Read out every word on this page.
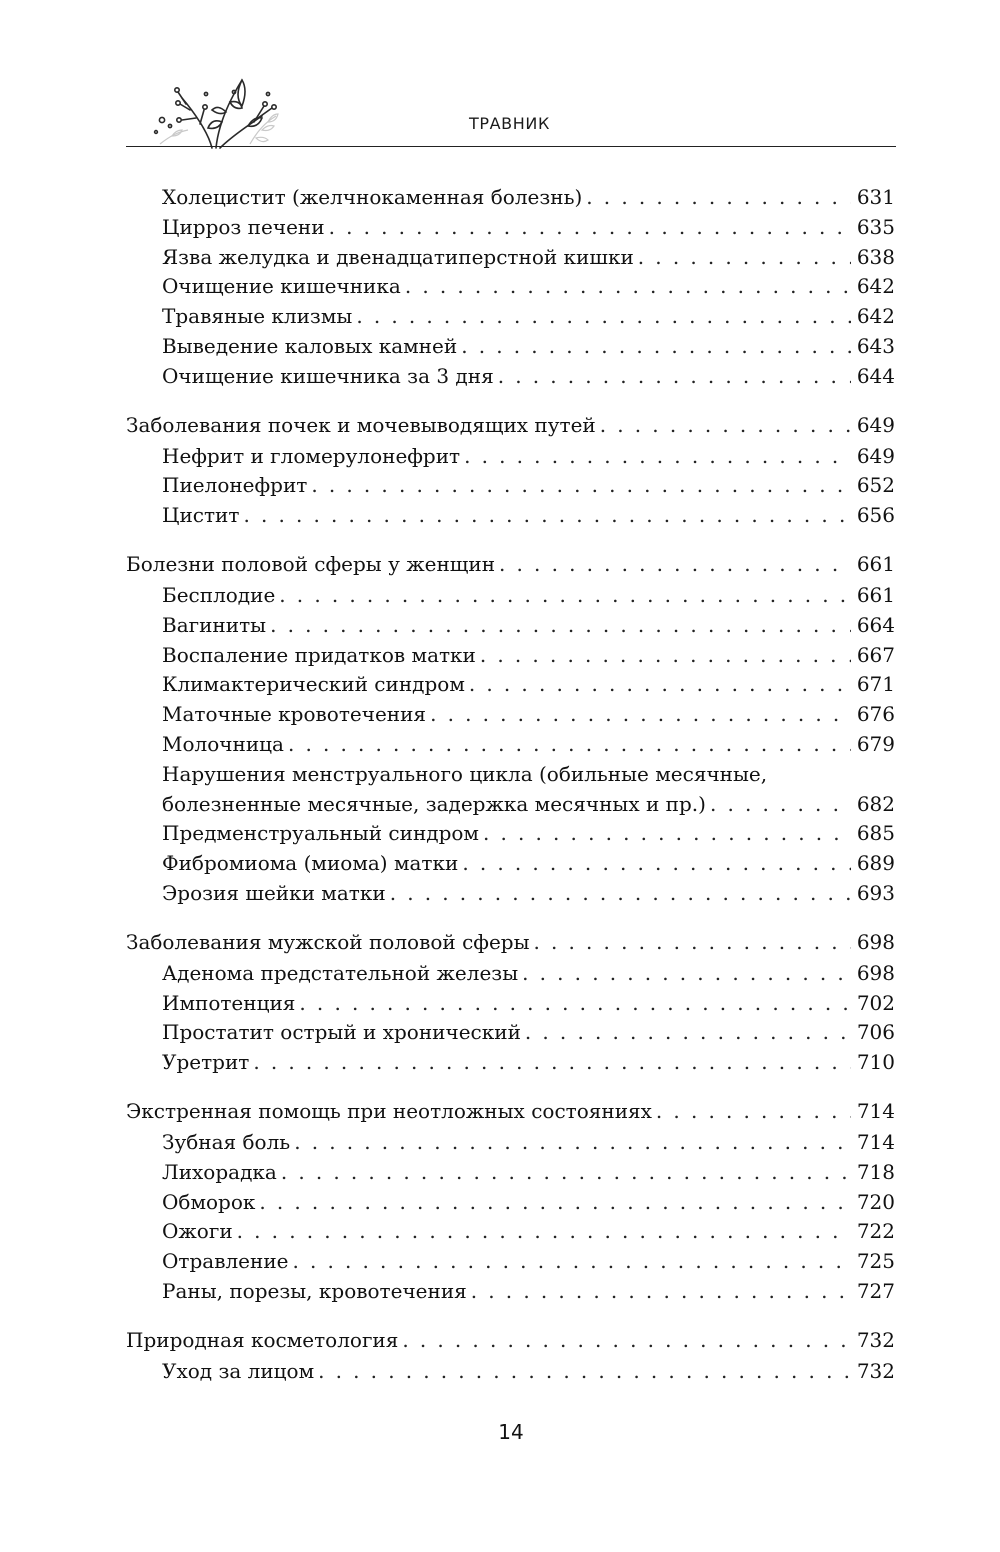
ТРАВНИК
Холецистит (желчнокаменная болезнь) . . .	631
Цирроз печени . . .	635
Язва желудка и двенадцатиперстной кишки . . .	638
Очищение кишечника . . .	642
Травяные клизмы . . .	642
Выведение каловых камней . . .	643
Очищение кишечника за 3 дня . . .	644
Заболевания почек и мочевыводящих путей . . .	649
Нефрит и гломерулонефрит . . .	649
Пиелонефрит . . .	652
Цистит . . .	656
Болезни половой сферы у женщин . . .	661
Бесплодие . . .	661
Вагиниты . . .	664
Воспаление придатков матки . . .	667
Климактерический синдром . . .	671
Маточные кровотечения . . .	676
Молочница . . .	679
Нарушения менструального цикла (обильные месячные,
болезненные месячные, задержка месячных и пр.) . . .	682
Предменструальный синдром . . .	685
Фибромиома (миома) матки . . .	689
Эрозия шейки матки . . .	693
Заболевания мужской половой сферы . . .	698
Аденома предстательной железы . . .	698
Импотенция . . .	702
Простатит острый и хронический . . .	706
Уретрит . . .	710
Экстренная помощь при неотложных состояниях . . .	714
Зубная боль . . .	714
Лихорадка . . .	718
Обморок . . .	720
Ожоги . . .	722
Отравление . . .	725
Раны, порезы, кровотечения . . .	727
Природная косметология . . .	732
Уход за лицом . . .	732
14
